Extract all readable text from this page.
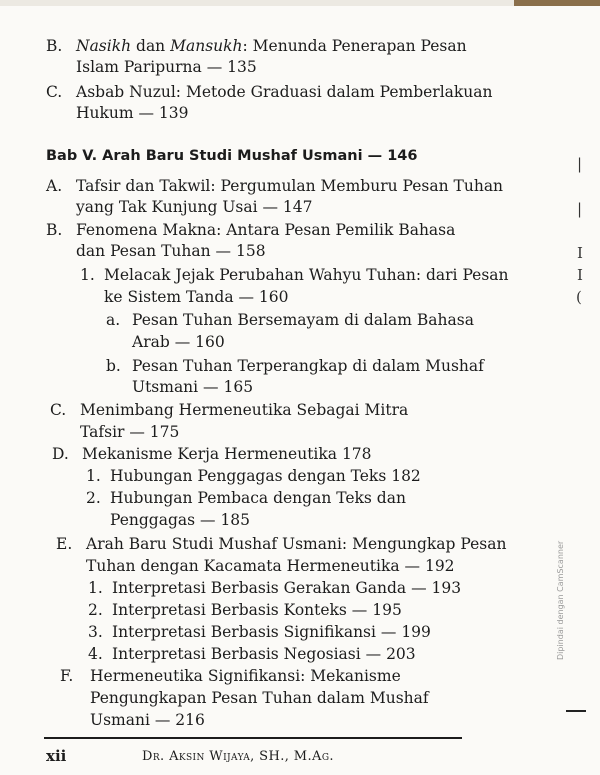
B. Nasikh dan Mansukh: Menunda Penerapan Pesan
Islam Paripurna — 135
C. Asbab Nuzul: Metode Graduasi dalam Pemberlakuan
Hukum — 139
Bab V. Arah Baru Studi Mushaf Usmani — 146
A. Tafsir dan Takwil: Pergumulan Memburu Pesan Tuhan
yang Tak Kunjung Usai — 147
B. Fenomena Makna: Antara Pesan Pemilik Bahasa
dan Pesan Tuhan — 158
1. Melacak Jejak Perubahan Wahyu Tuhan: dari Pesan
ke Sistem Tanda — 160
a. Pesan Tuhan Bersemayam di dalam Bahasa
Arab — 160
b. Pesan Tuhan Terperangkap di dalam Mushaf
Utsmani — 165
C. Menimbang Hermeneutika Sebagai Mitra
Tafsir — 175
D. Mekanisme Kerja Hermeneutika 178
1. Hubungan Penggagas dengan Teks 182
2. Hubungan Pembaca dengan Teks dan
Penggagas — 185
E. Arah Baru Studi Mushaf Usmani: Mengungkap Pesan
Tuhan dengan Kacamata Hermeneutika — 192
1. Interpretasi Berbasis Gerakan Ganda — 193
2. Interpretasi Berbasis Konteks — 195
3. Interpretasi Berbasis Signifikansi — 199
4. Interpretasi Berbasis Negosiasi — 203
F. Hermeneutika Signifikansi: Mekanisme
Pengungkapan Pesan Tuhan dalam Mushaf
Usmani — 216
xii	Dr. Aksin Wijaya, SH., M.Ag.
|
|
I
I
(
Dipindai dengan CamScanner
